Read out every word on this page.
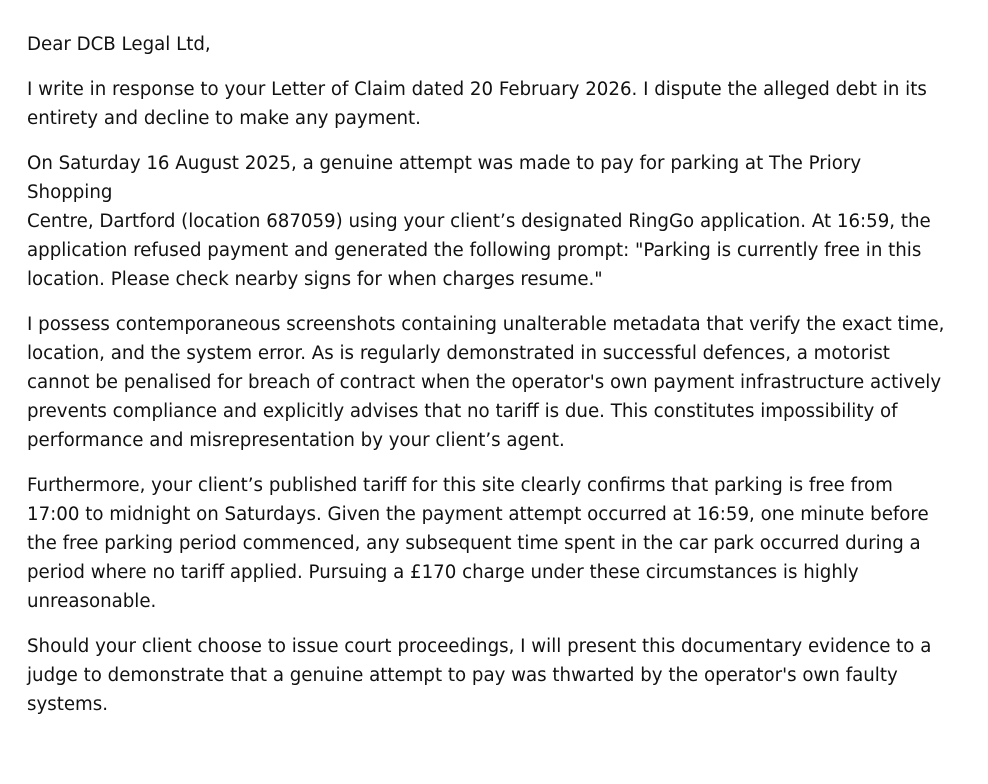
Dear DCB Legal Ltd,

I write in response to your Letter of Claim dated 20 February 2026. I dispute the alleged debt in its
entirety and decline to make any payment.

On Saturday 16 August 2025, a genuine attempt was made to pay for parking at The Priory Shopping
Centre, Dartford (location 687059) using your client’s designated RingGo application. At 16:59, the
application refused payment and generated the following prompt: "Parking is currently free in this
location. Please check nearby signs for when charges resume."

I possess contemporaneous screenshots containing unalterable metadata that verify the exact time,
location, and the system error. As is regularly demonstrated in successful defences, a motorist
cannot be penalised for breach of contract when the operator's own payment infrastructure actively
prevents compliance and explicitly advises that no tariff is due. This constitutes impossibility of
performance and misrepresentation by your client’s agent.

Furthermore, your client’s published tariff for this site clearly confirms that parking is free from
17:00 to midnight on Saturdays. Given the payment attempt occurred at 16:59, one minute before
the free parking period commenced, any subsequent time spent in the car park occurred during a
period where no tariff applied. Pursuing a £170 charge under these circumstances is highly
unreasonable.

Should your client choose to issue court proceedings, I will present this documentary evidence to a
judge to demonstrate that a genuine attempt to pay was thwarted by the operator's own faulty
systems.
